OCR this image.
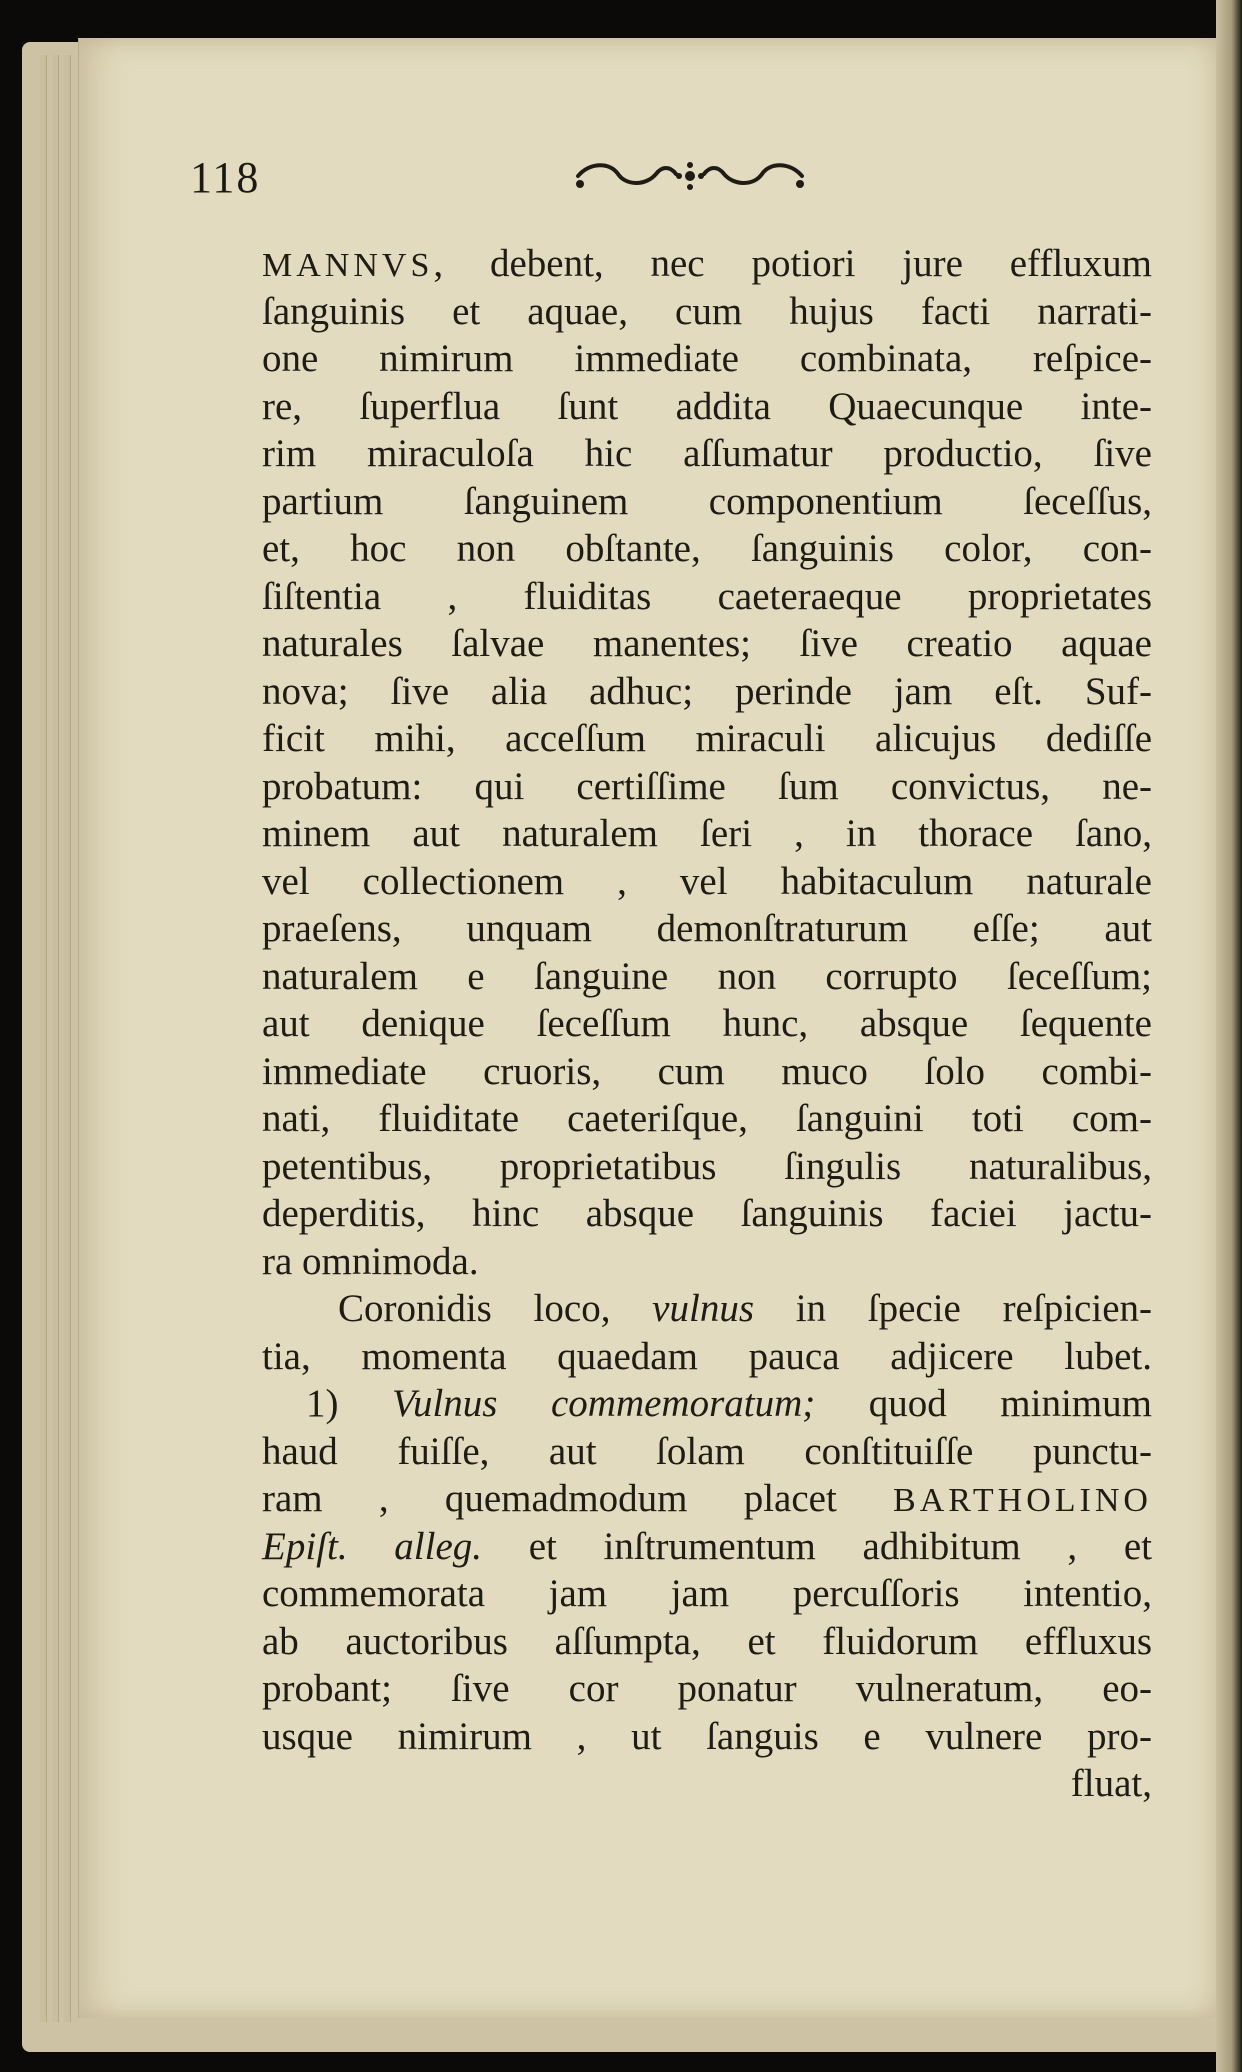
118
MANNVS, debent, nec potiori jure effluxum
ſanguinis et aquae, cum hujus facti narrati-
one nimirum immediate combinata, reſpice-
re, ſuperflua ſunt addita Quaecunque inte-
rim miraculoſa hic aſſumatur productio, ſive
partium ſanguinem componentium ſeceſſus,
et, hoc non obſtante, ſanguinis color, con-
ſiſtentia , fluiditas caeteraeque proprietates
naturales ſalvae manentes; ſive creatio aquae
nova; ſive alia adhuc; perinde jam eſt. Suf-
ficit mihi, acceſſum miraculi alicujus dediſſe
probatum: qui certiſſime ſum convictus, ne-
minem aut naturalem ſeri , in thorace ſano,
vel collectionem , vel habitaculum naturale
praeſens, unquam demonſtraturum eſſe; aut
naturalem e ſanguine non corrupto ſeceſſum;
aut denique ſeceſſum hunc, absque ſequente
immediate cruoris, cum muco ſolo combi-
nati, fluiditate caeteriſque, ſanguini toti com-
petentibus, proprietatibus ſingulis naturalibus,
deperditis, hinc absque ſanguinis faciei jactu-
ra omnimoda.
Coronidis loco, vulnus in ſpecie reſpicien-
tia, momenta quaedam pauca adjicere lubet.
1) Vulnus commemoratum; quod minimum
haud fuiſſe, aut ſolam conſtituiſſe punctu-
ram , quemadmodum placet BARTHOLINO
Epiſt. alleg. et inſtrumentum adhibitum , et
commemorata jam jam percuſſoris intentio,
ab auctoribus aſſumpta, et fluidorum effluxus
probant; ſive cor ponatur vulneratum, eo-
usque nimirum , ut ſanguis e vulnere pro-
fluat,
